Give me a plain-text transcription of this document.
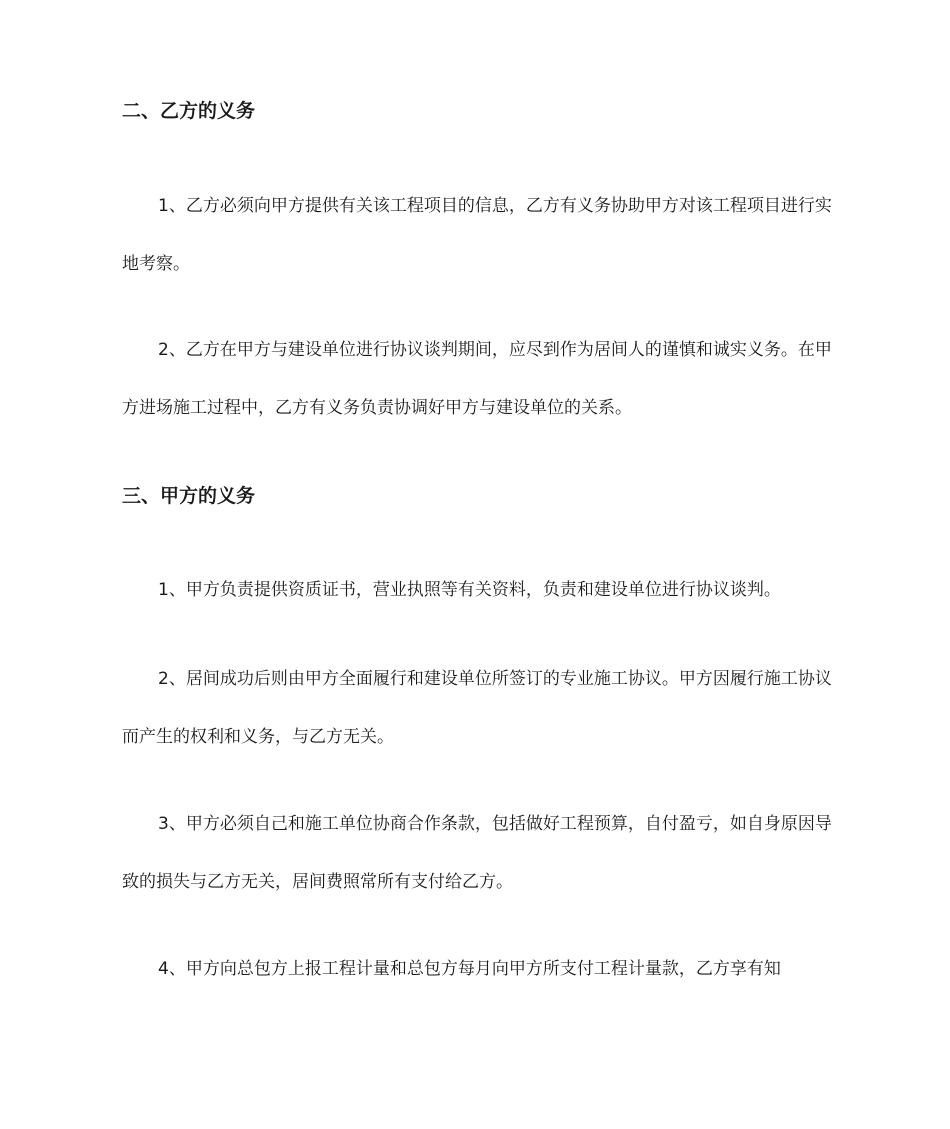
二、乙方的义务

1、乙方必须向甲方提供有关该工程项目的信息，乙方有义务协助甲方对该工程项目进行实地考察。

2、乙方在甲方与建设单位进行协议谈判期间，应尽到作为居间人的谨慎和诚实义务。在甲方进场施工过程中，乙方有义务负责协调好甲方与建设单位的关系。

三、甲方的义务

1、甲方负责提供资质证书，营业执照等有关资料，负责和建设单位进行协议谈判。

2、居间成功后则由甲方全面履行和建设单位所签订的专业施工协议。甲方因履行施工协议而产生的权利和义务，与乙方无关。

3、甲方必须自己和施工单位协商合作条款，包括做好工程预算，自付盈亏，如自身原因导致的损失与乙方无关，居间费照常所有支付给乙方。

4、甲方向总包方上报工程计量和总包方每月向甲方所支付工程计量款，乙方享有知
